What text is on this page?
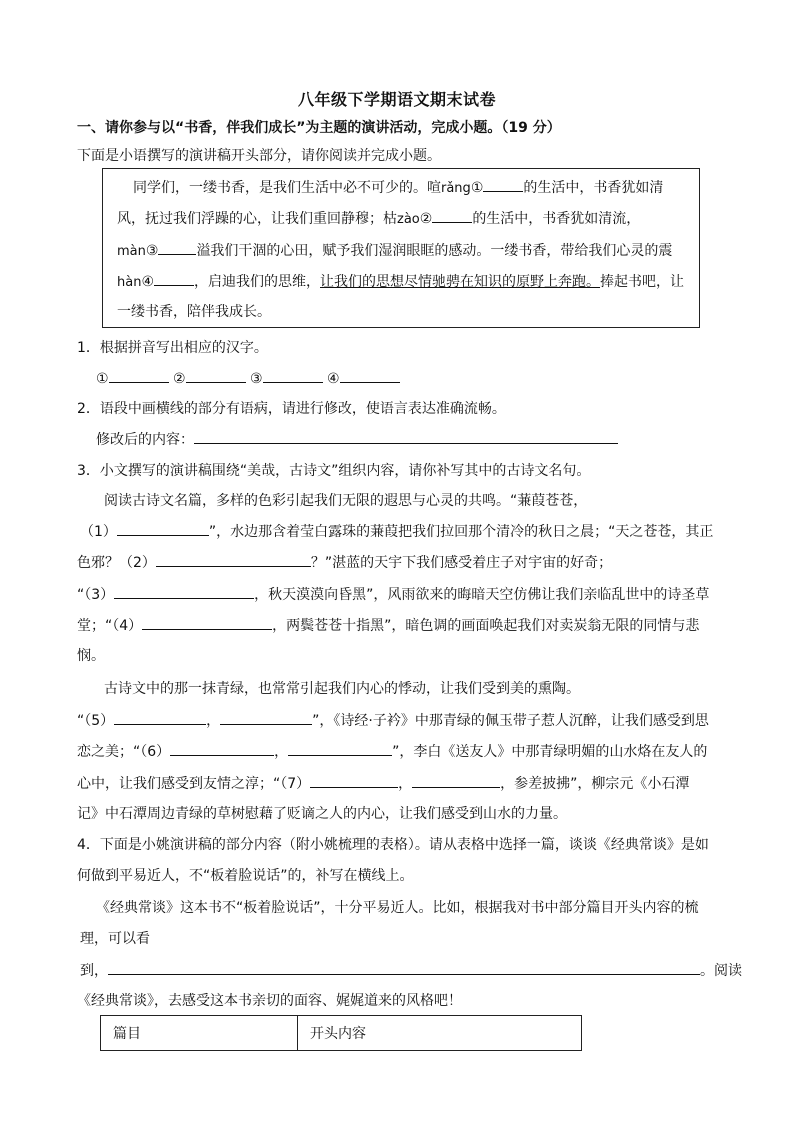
八年级下学期语文期末试卷
一、请你参与以“书香，伴我们成长”为主题的演讲活动，完成小题。（19 分）
下面是小语撰写的演讲稿开头部分，请你阅读并完成小题。
同学们，一缕书香，是我们生活中必不可少的。喧rǎng①	的生活中，书香犹如清
风，抚过我们浮躁的心，让我们重回静穆；枯zào②	的生活中，书香犹如清流，
màn③	溢我们干涸的心田，赋予我们湿润眼眶的感动。一缕书香，带给我们心灵的震
hàn④	，启迪我们的思维，让我们的思想尽情驰骋在知识的原野上奔跑。捧起书吧，让
一缕书香，陪伴我成长。
1．根据拼音写出相应的汉字。
①	②	③	④
2．语段中画横线的部分有语病，请进行修改，使语言表达准确流畅。
修改后的内容：
3．小文撰写的演讲稿围绕“美哉，古诗文”组织内容，请你补写其中的古诗文名句。
阅读古诗文名篇，多样的色彩引起我们无限的遐思与心灵的共鸣。“蒹葭苍苍，
（1）	”，水边那含着莹白露珠的蒹葭把我们拉回那个清冷的秋日之晨；“天之苍苍，其正
色邪？（2）	？”湛蓝的天宇下我们感受着庄子对宇宙的好奇；
“（3）	，秋天漠漠向昏黑”，风雨欲来的晦暗天空仿佛让我们亲临乱世中的诗圣草
堂；“（4）	，两鬓苍苍十指黑”，暗色调的画面唤起我们对卖炭翁无限的同情与悲
悯。
古诗文中的那一抹青绿，也常常引起我们内心的悸动，让我们受到美的熏陶。
“（5）	，	”，《诗经·子衿》中那青绿的佩玉带子惹人沉醉，让我们感受到思
恋之美；“（6）	，	”，李白《送友人》中那青绿明媚的山水烙在友人的
心中，让我们感受到友情之淳；“（7）	，	，参差披拂”，柳宗元《小石潭
记》中石潭周边青绿的草树慰藉了贬谪之人的内心，让我们感受到山水的力量。
4．下面是小姚演讲稿的部分内容（附小姚梳理的表格）。请从表格中选择一篇，谈谈《经典常谈》是如
何做到平易近人，不“板着脸说话”的，补写在横线上。
《经典常谈》这本书不“板着脸说话”，十分平易近人。比如，根据我对书中部分篇目开头内容的梳
理，可以看
到，	。阅读
《经典常谈》，去感受这本书亲切的面容、娓娓道来的风格吧！
篇目	开头内容
